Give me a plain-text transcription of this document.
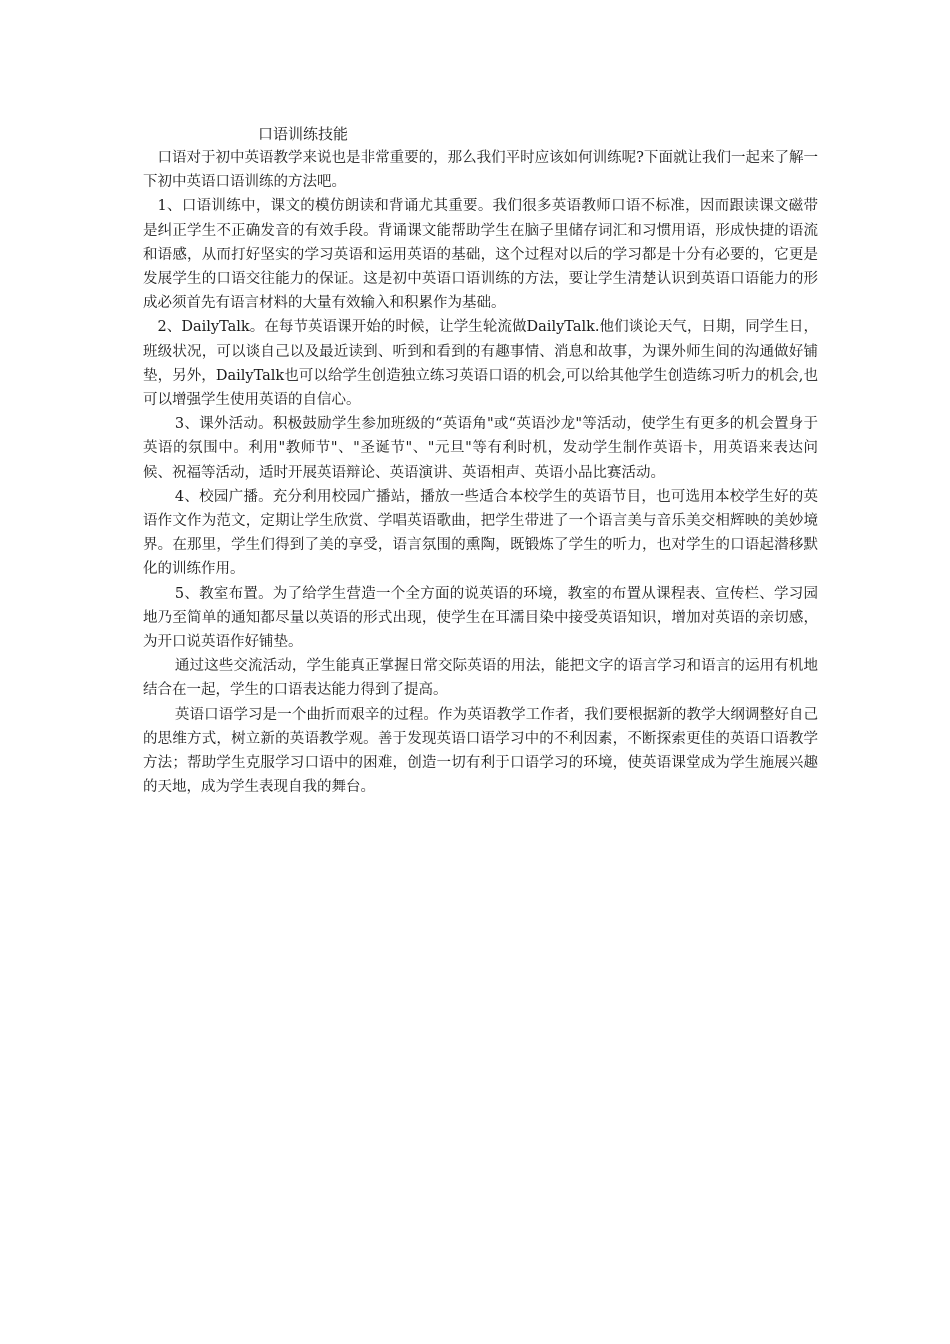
口语训练技能

口语对于初中英语教学来说也是非常重要的，那么我们平时应该如何训练呢?下面就让我们一起来了解一下初中英语口语训练的方法吧。

1、口语训练中，课文的模仿朗读和背诵尤其重要。我们很多英语教师口语不标准，因而跟读课文磁带是纠正学生不正确发音的有效手段。背诵课文能帮助学生在脑子里储存词汇和习惯用语，形成快捷的语流和语感，从而打好坚实的学习英语和运用英语的基础，这个过程对以后的学习都是十分有必要的，它更是发展学生的口语交往能力的保证。这是初中英语口语训练的方法，要让学生清楚认识到英语口语能力的形成必须首先有语言材料的大量有效输入和积累作为基础。

2、DailyTalk。在每节英语课开始的时候，让学生轮流做DailyTalk.他们谈论天气，日期，同学生日，班级状况，可以谈自己以及最近读到、听到和看到的有趣事情、消息和故事，为课外师生间的沟通做好铺垫，另外，DailyTalk也可以给学生创造独立练习英语口语的机会,可以给其他学生创造练习听力的机会,也可以增强学生使用英语的自信心。

3、课外活动。积极鼓励学生参加班级的“英语角"或“英语沙龙"等活动，使学生有更多的机会置身于英语的氛围中。利用"教师节"、"圣诞节"、"元旦"等有利时机，发动学生制作英语卡，用英语来表达问候、祝福等活动，适时开展英语辩论、英语演讲、英语相声、英语小品比赛活动。

4、校园广播。充分利用校园广播站，播放一些适合本校学生的英语节目，也可选用本校学生好的英语作文作为范文，定期让学生欣赏、学唱英语歌曲，把学生带进了一个语言美与音乐美交相辉映的美妙境界。在那里，学生们得到了美的享受，语言氛围的熏陶，既锻炼了学生的听力，也对学生的口语起潜移默化的训练作用。

5、教室布置。为了给学生营造一个全方面的说英语的环境，教室的布置从课程表、宣传栏、学习园地乃至简单的通知都尽量以英语的形式出现，使学生在耳濡目染中接受英语知识，增加对英语的亲切感，为开口说英语作好铺垫。

通过这些交流活动，学生能真正掌握日常交际英语的用法，能把文字的语言学习和语言的运用有机地结合在一起，学生的口语表达能力得到了提高。

英语口语学习是一个曲折而艰辛的过程。作为英语教学工作者，我们要根据新的教学大纲调整好自己的思维方式，树立新的英语教学观。善于发现英语口语学习中的不利因素，不断探索更佳的英语口语教学方法；帮助学生克服学习口语中的困难，创造一切有利于口语学习的环境，使英语课堂成为学生施展兴趣的天地，成为学生表现自我的舞台。
